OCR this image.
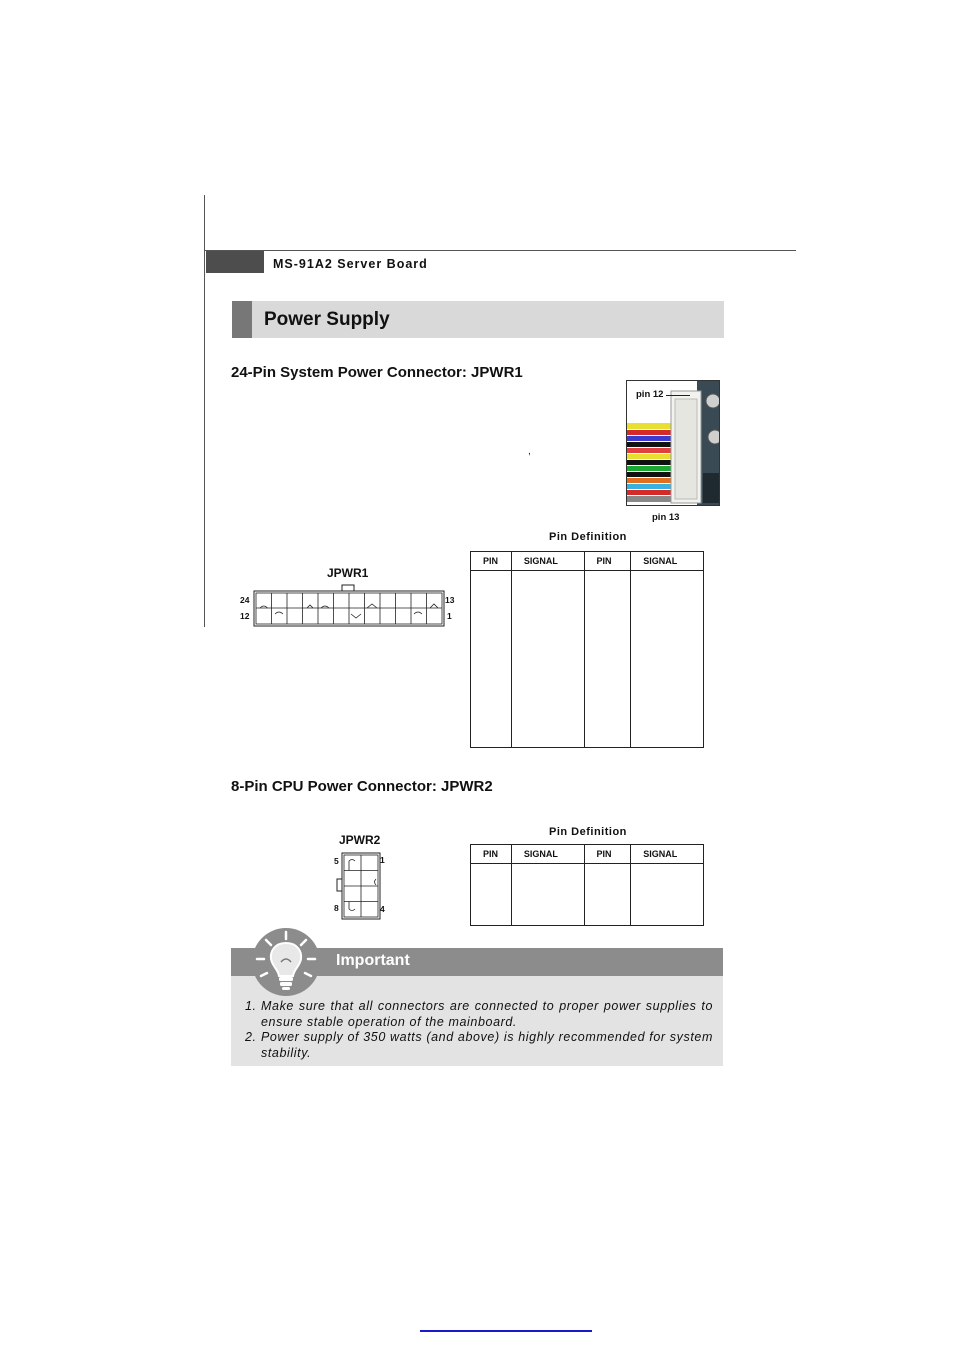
MS-91A2 Server Board
Power Supply
24-Pin System Power Connector: JPWR1
,
pin 12
pin 13
Pin Definition
PIN	SIGNAL	PIN	SIGNAL

JPWR1
24
12
13
1
8-Pin CPU Power Connector: JPWR2
Pin Definition
PIN	SIGNAL	PIN	SIGNAL

JPWR2
5	1
8	4
Important
1. Make sure that all connectors are connected to proper power supplies to ensure stable operation of the mainboard.
2. Power supply of 350 watts (and above) is highly recommended for system stability.
